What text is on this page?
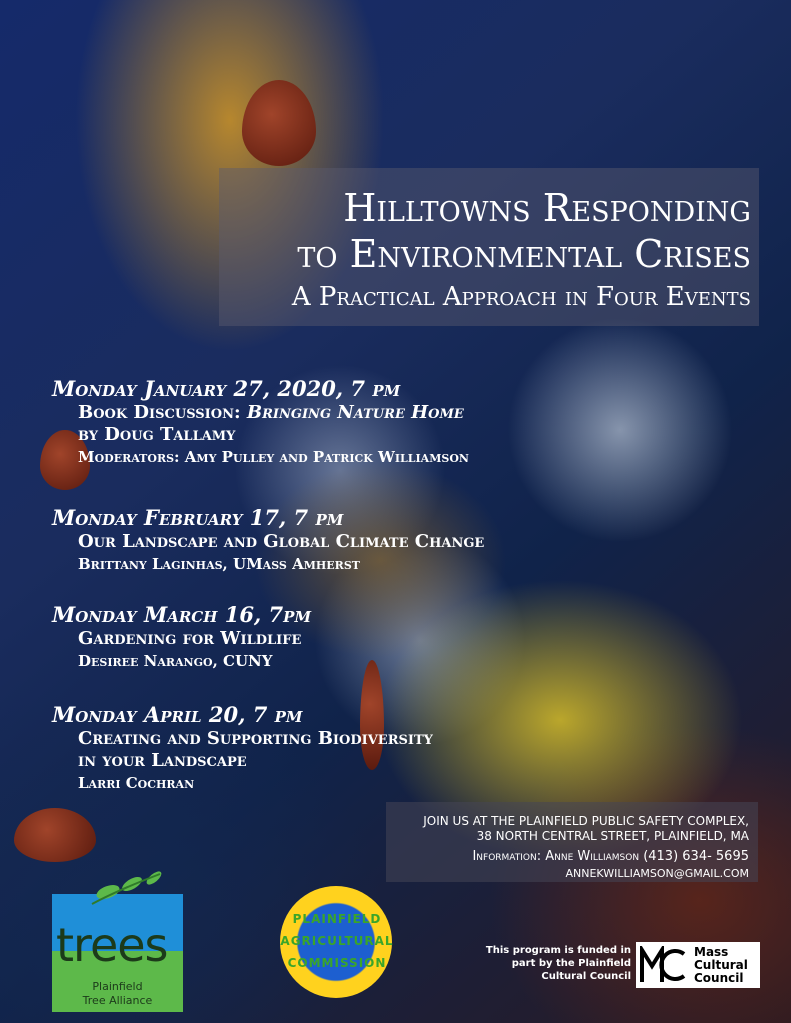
Hilltowns Responding
to Environmental Crises
A Practical Approach in Four Events
Monday January 27, 2020, 7 pm
Book Discussion: Bringing Nature Home
by Doug Tallamy
Moderators: Amy Pulley and Patrick Williamson
Monday February 17, 7 pm
Our Landscape and Global Climate Change
Brittany Laginhas, UMass Amherst
Monday March 16, 7pm
Gardening for Wildlife
Desiree Narango, CUNY
Monday April 20, 7 pm
Creating and Supporting Biodiversity
in your Landscape
Larri Cochran
JOIN US AT THE PLAINFIELD PUBLIC SAFETY COMPLEX,
38 NORTH CENTRAL STREET, PLAINFIELD, MA
Information: Anne Williamson (413) 634- 5695
ANNEKWILLIAMSON@GMAIL.COM
trees
Plainfield
Tree Alliance
PLAINFIELD
AGRICULTURAL
COMMISSION
This program is funded in
part by the Plainfield
Cultural Council
Mass
Cultural
Council
